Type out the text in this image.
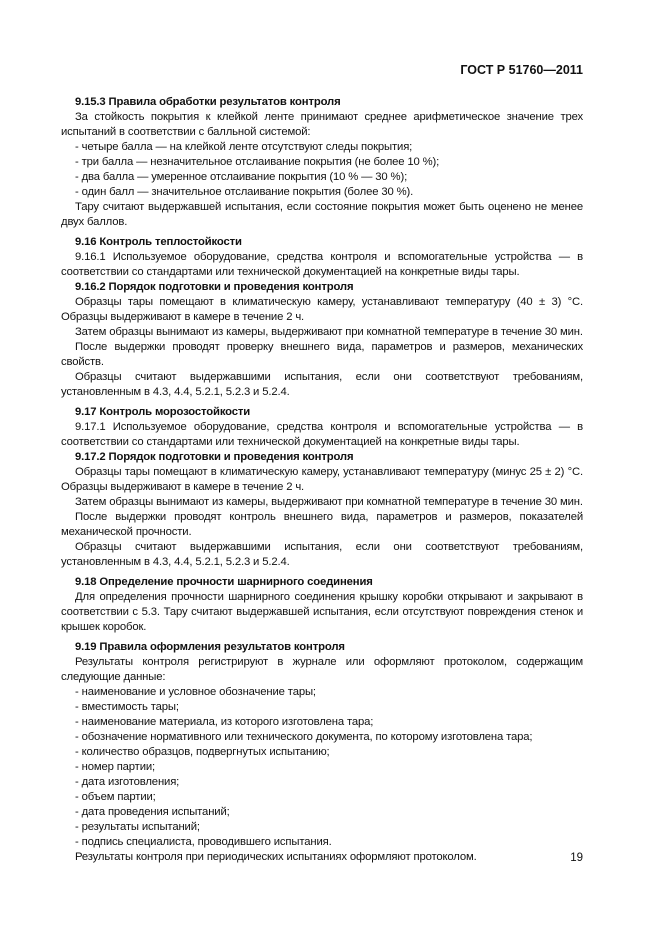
ГОСТ Р 51760—2011

9.15.3 Правила обработки результатов контроля

За стойкость покрытия к клейкой ленте принимают среднее арифметическое значение трех испытаний в соответствии с балльной системой:

- четыре балла — на клейкой ленте отсутствуют следы покрытия;

- три балла — незначительное отслаивание покрытия (не более 10 %);

- два балла — умеренное отслаивание покрытия (10 % — 30 %);

- один балл — значительное отслаивание покрытия (более 30 %).

Тару считают выдержавшей испытания, если состояние покрытия может быть оценено не менее двух баллов.

9.16 Контроль теплостойкости

9.16.1 Используемое оборудование, средства контроля и вспомогательные устройства — в соответствии со стандартами или технической документацией на конкретные виды тары.

9.16.2 Порядок подготовки и проведения контроля

Образцы тары помещают в климатическую камеру, устанавливают температуру (40 ± 3) °С. Образцы выдерживают в камере в течение 2 ч.

Затем образцы вынимают из камеры, выдерживают при комнатной температуре в течение 30 мин.

После выдержки проводят проверку внешнего вида, параметров и размеров, механических свойств.

Образцы считают выдержавшими испытания, если они соответствуют требованиям, установленным в 4.3, 4.4, 5.2.1, 5.2.3 и 5.2.4.

9.17 Контроль морозостойкости

9.17.1 Используемое оборудование, средства контроля и вспомогательные устройства — в соответствии со стандартами или технической документацией на конкретные виды тары.

9.17.2 Порядок подготовки и проведения контроля

Образцы тары помещают в климатическую камеру, устанавливают температуру (минус 25 ± 2) °С. Образцы выдерживают в камере в течение 2 ч.

Затем образцы вынимают из камеры, выдерживают при комнатной температуре в течение 30 мин.

После выдержки проводят контроль внешнего вида, параметров и размеров, показателей механической прочности.

Образцы считают выдержавшими испытания, если они соответствуют требованиям, установленным в 4.3, 4.4, 5.2.1, 5.2.3 и 5.2.4.

9.18 Определение прочности шарнирного соединения

Для определения прочности шарнирного соединения крышку коробки открывают и закрывают в соответствии с 5.3. Тару считают выдержавшей испытания, если отсутствуют повреждения стенок и крышек коробок.

9.19 Правила оформления результатов контроля

Результаты контроля регистрируют в журнале или оформляют протоколом, содержащим следующие данные:

- наименование и условное обозначение тары;

- вместимость тары;

- наименование материала, из которого изготовлена тара;

- обозначение нормативного или технического документа, по которому изготовлена тара;

- количество образцов, подвергнутых испытанию;

- номер партии;

- дата изготовления;

- объем партии;

- дата проведения испытаний;

- результаты испытаний;

- подпись специалиста, проводившего испытания.

Результаты контроля при периодических испытаниях оформляют протоколом.	19
